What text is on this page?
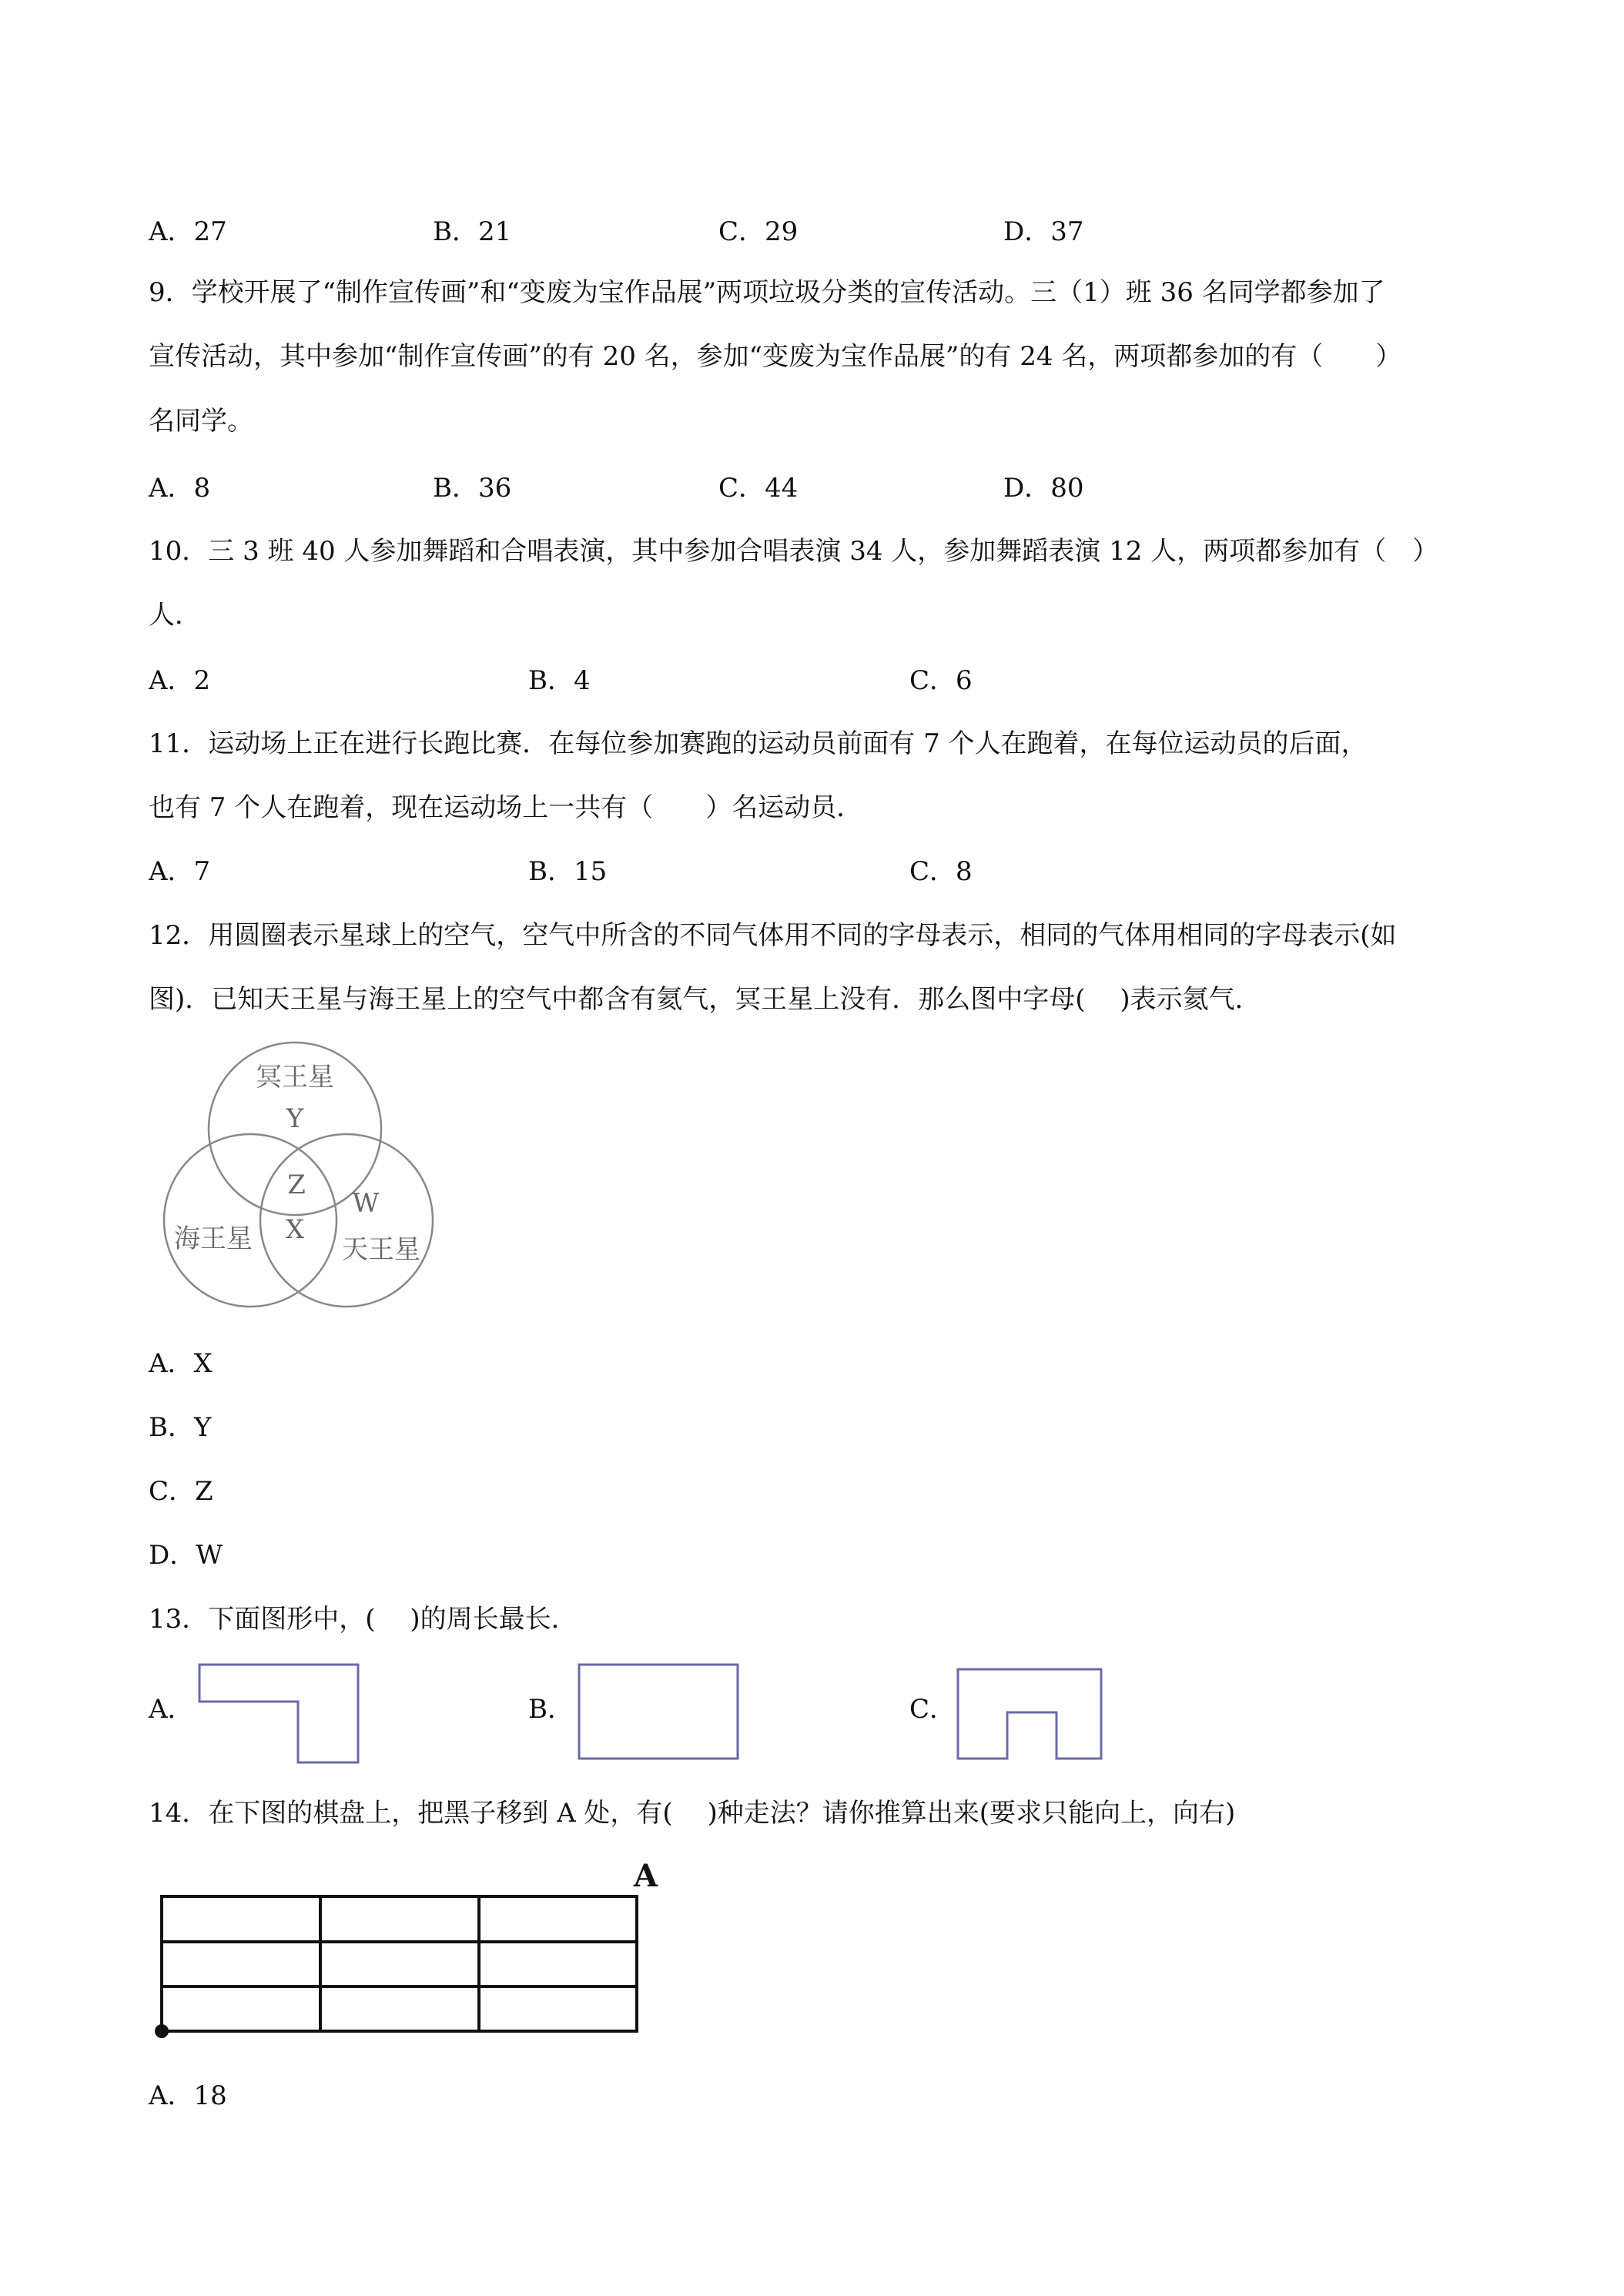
A．27	B．21	C．29	D．37
9．学校开展了“制作宣传画”和“变废为宝作品展”两项垃圾分类的宣传活动。三（1）班 36 名同学都参加了
宣传活动，其中参加“制作宣传画”的有 20 名，参加“变废为宝作品展”的有 24 名，两项都参加的有（　　）
名同学。
A．8	B．36	C．44	D．80
10．三 3 班 40 人参加舞蹈和合唱表演，其中参加合唱表演 34 人，参加舞蹈表演 12 人，两项都参加有（　）
人．
A．2	B．4	C．6
11．运动场上正在进行长跑比赛．在每位参加赛跑的运动员前面有 7 个人在跑着，在每位运动员的后面，
也有 7 个人在跑着，现在运动场上一共有（　　）名运动员．
A．7	B．15	C．8
12．用圆圈表示星球上的空气，空气中所含的不同气体用不同的字母表示，相同的气体用相同的字母表示(如
图)．已知天王星与海王星上的空气中都含有氦气，冥王星上没有．那么图中字母(　 )表示氦气．
冥王星
Y
Z
W
X
海王星	天王星
A．X
B．Y
C．Z
D．W
13．下面图形中，(　 )的周长最长．
A．	B．	C．
14．在下图的棋盘上，把黑子移到 A 处，有(　 )种走法？请你推算出来(要求只能向上，向右)
A
A．18
